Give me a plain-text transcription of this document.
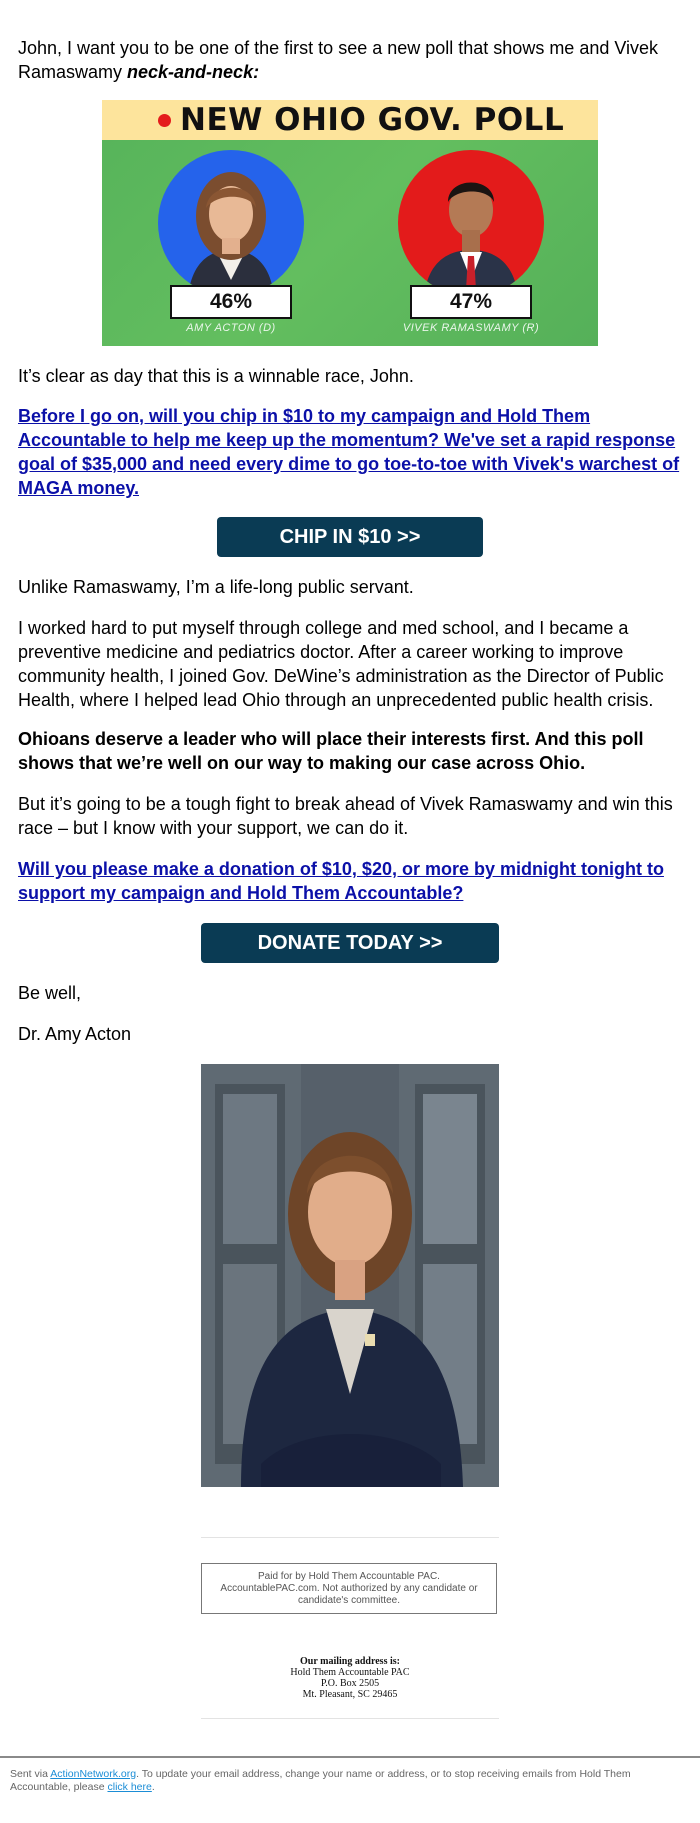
John, I want you to be one of the first to see a new poll that shows me and Vivek Ramaswamy neck-and-neck:

NEW OHIO GOV. POLL
46%
AMY ACTON (D)
47%
VIVEK RAMASWAMY (R)

It’s clear as day that this is a winnable race, John.

Before I go on, will you chip in $10 to my campaign and Hold Them Accountable to help me keep up the momentum? We've set a rapid response goal of $35,000 and need every dime to go toe-to-toe with Vivek's warchest of MAGA money.

CHIP IN $10 >>

Unlike Ramaswamy, I’m a life-long public servant.

I worked hard to put myself through college and med school, and I became a preventive medicine and pediatrics doctor. After a career working to improve community health, I joined Gov. DeWine’s administration as the Director of Public Health, where I helped lead Ohio through an unprecedented public health crisis.

Ohioans deserve a leader who will place their interests first. And this poll shows that we’re well on our way to making our case across Ohio.

But it’s going to be a tough fight to break ahead of Vivek Ramaswamy and win this race – but I know with your support, we can do it.

Will you please make a donation of $10, $20, or more by midnight tonight to support my campaign and Hold Them Accountable?

DONATE TODAY >>

Be well,

Dr. Amy Acton

Paid for by Hold Them Accountable PAC. AccountablePAC.com. Not authorized by any candidate or candidate's committee.
Our mailing address is:
Hold Them Accountable PAC
P.O. Box 2505
Mt. Pleasant, SC 29465
Sent via ActionNetwork.org. To update your email address, change your name or address, or to stop receiving emails from Hold Them Accountable, please click here.
